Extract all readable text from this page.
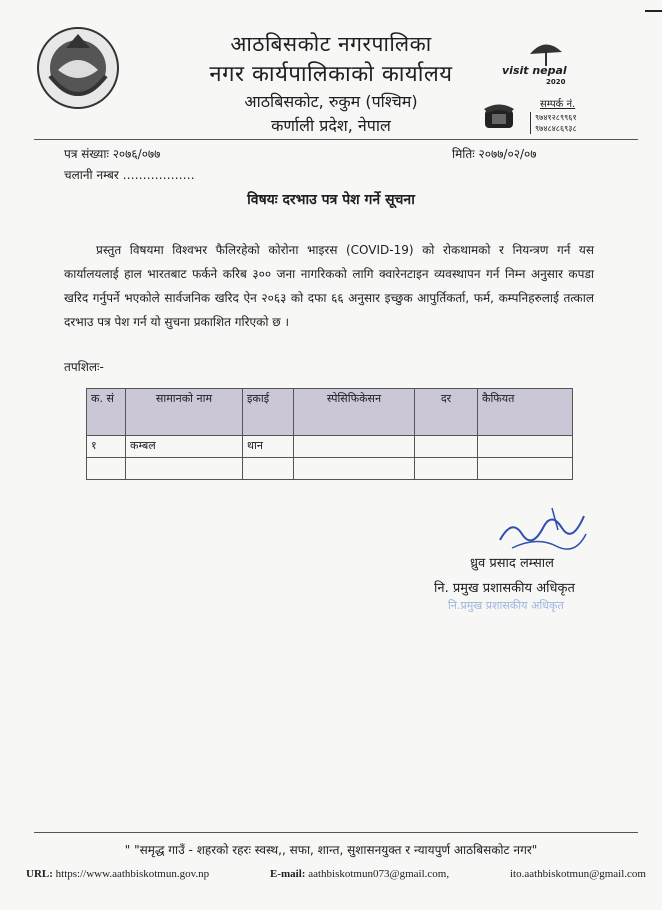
आठबिसकोट नगरपालिका
नगर कार्यपालिकाको कार्यालय
आठबिसकोट, रुकुम (पश्चिम)
कर्णाली प्रदेश, नेपाल
visit nepal
2020
सम्पर्क नं.
९७४१२८९९६१
९७४८४८६९३८
पत्र संख्याः २०७६/०७७
चलानी नम्बर ………………
मितिः २०७७/०२/०७
विषयः दरभाउ पत्र पेश गर्ने सूचना

प्रस्तुत विषयमा विश्वभर फैलिरहेको कोरोना भाइरस (COVID-19) को रोकथामको र नियन्त्रण गर्न यस कार्यालयलाई हाल भारतबाट फर्कने करिब ३०० जना नागरिकको लागि क्वारेनटाइन व्यवस्थापन गर्न निम्न अनुसार कपडा खरिद गर्नुपर्ने भएकोले सार्वजनिक खरिद ऐन २०६३ को दफा ६६ अनुसार इच्छुक आपुर्तिकर्ता, फर्म, कम्पनिहरुलाई तत्काल दरभाउ पत्र पेश गर्न यो सुचना प्रकाशित गरिएको छ ।

तपशिलः-
क. सं	सामानको नाम	इकाई	स्पेसिफिकेसन	दर	कैफियत
१	कम्बल	थान			

ध्रुव प्रसाद लम्साल
नि. प्रमुख प्रशासकीय अधिकृत
नि.प्रमुख प्रशासकीय अधिकृत
" "समृद्ध गाउँ - शहरको रहरः स्वस्थ,, सफा, शान्त, सुशासनयुक्त र न्यायपुर्ण आठबिसकोट नगर"
URL: https://www.aathbiskotmun.gov.np	E-mail: aathbiskotmun073@gmail.com,	ito.aathbiskotmun@gmail.com
